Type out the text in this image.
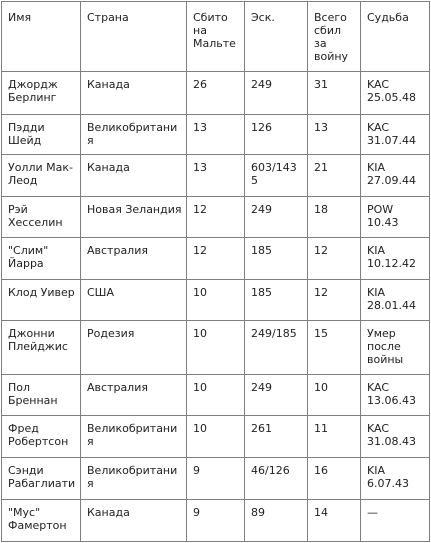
Имя	Страна	Сбито на Мальте	Эск.	Всего сбил за войну	Судьба
Джордж Берлинг	Канада	26	249	31	KAC 25.05.48
Пэдди Шейд	Великобритания	13	126	13	KAC 31.07.44
Уолли Мак-Леод	Канада	13	603/1435	21	KIA 27.09.44
Рэй Хесселин	Новая Зеландия	12	249	18	POW 10.43
"Слим" Йарра	Австралия	12	185	12	KIA 10.12.42
Клод Уивер	США	10	185	12	KIA 28.01.44
Джонни Плейджис	Родезия	10	249/185	15	Умер после войны
Пол Бреннан	Австралия	10	249	10	KAC 13.06.43
Фред Робертсон	Великобритания	10	261	11	KAC 31.08.43
Сэнди Рабаглиати	Великобритания	9	46/126	16	KIA 6.07.43
"Мус" Фамертон	Канада	9	89	14	—
